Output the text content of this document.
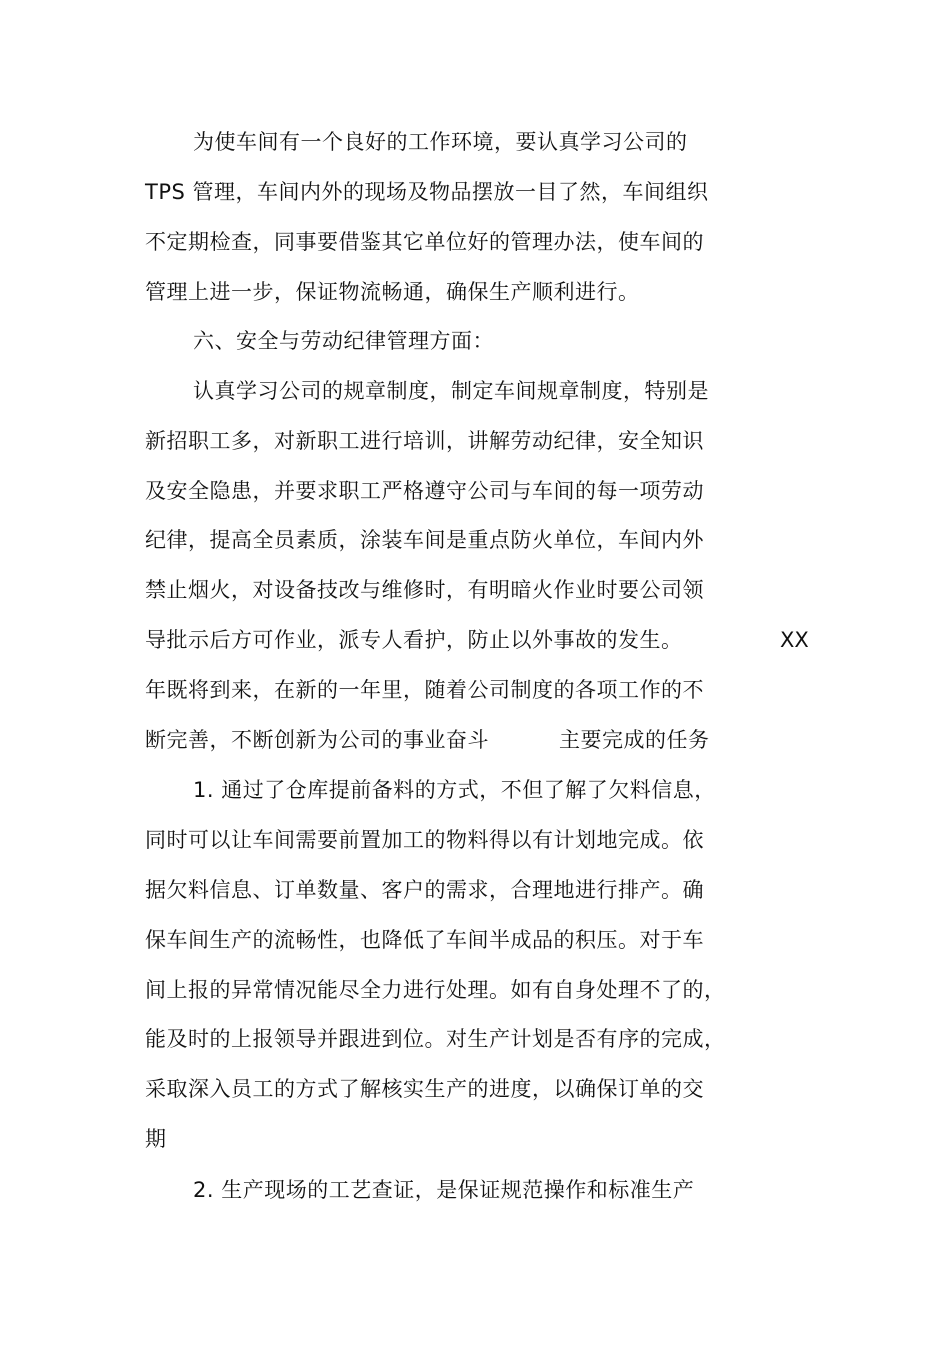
为使车间有一个良好的工作环境，要认真学习公司的
TPS 管理，车间内外的现场及物品摆放一目了然，车间组织
不定期检查，同事要借鉴其它单位好的管理办法，使车间的
管理上进一步，保证物流畅通，确保生产顺利进行。
六、安全与劳动纪律管理方面：
认真学习公司的规章制度，制定车间规章制度，特别是
新招职工多，对新职工进行培训，讲解劳动纪律，安全知识
及安全隐患，并要求职工严格遵守公司与车间的每一项劳动
纪律，提高全员素质，涂装车间是重点防火单位，车间内外
禁止烟火，对设备技改与维修时，有明暗火作业时要公司领
导批示后方可作业，派专人看护，防止以外事故的发生。	XX
年既将到来，在新的一年里，随着公司制度的各项工作的不
断完善，不断创新为公司的事业奋斗	主要完成的任务
1. 通过了仓库提前备料的方式，不但了解了欠料信息，
同时可以让车间需要前置加工的物料得以有计划地完成。依
据欠料信息、订单数量、客户的需求，合理地进行排产。确
保车间生产的流畅性，也降低了车间半成品的积压。对于车
间上报的异常情况能尽全力进行处理。如有自身处理不了的，
能及时的上报领导并跟进到位。对生产计划是否有序的完成，
采取深入员工的方式了解核实生产的进度，以确保订单的交
期
2. 生产现场的工艺查证，是保证规范操作和标准生产
